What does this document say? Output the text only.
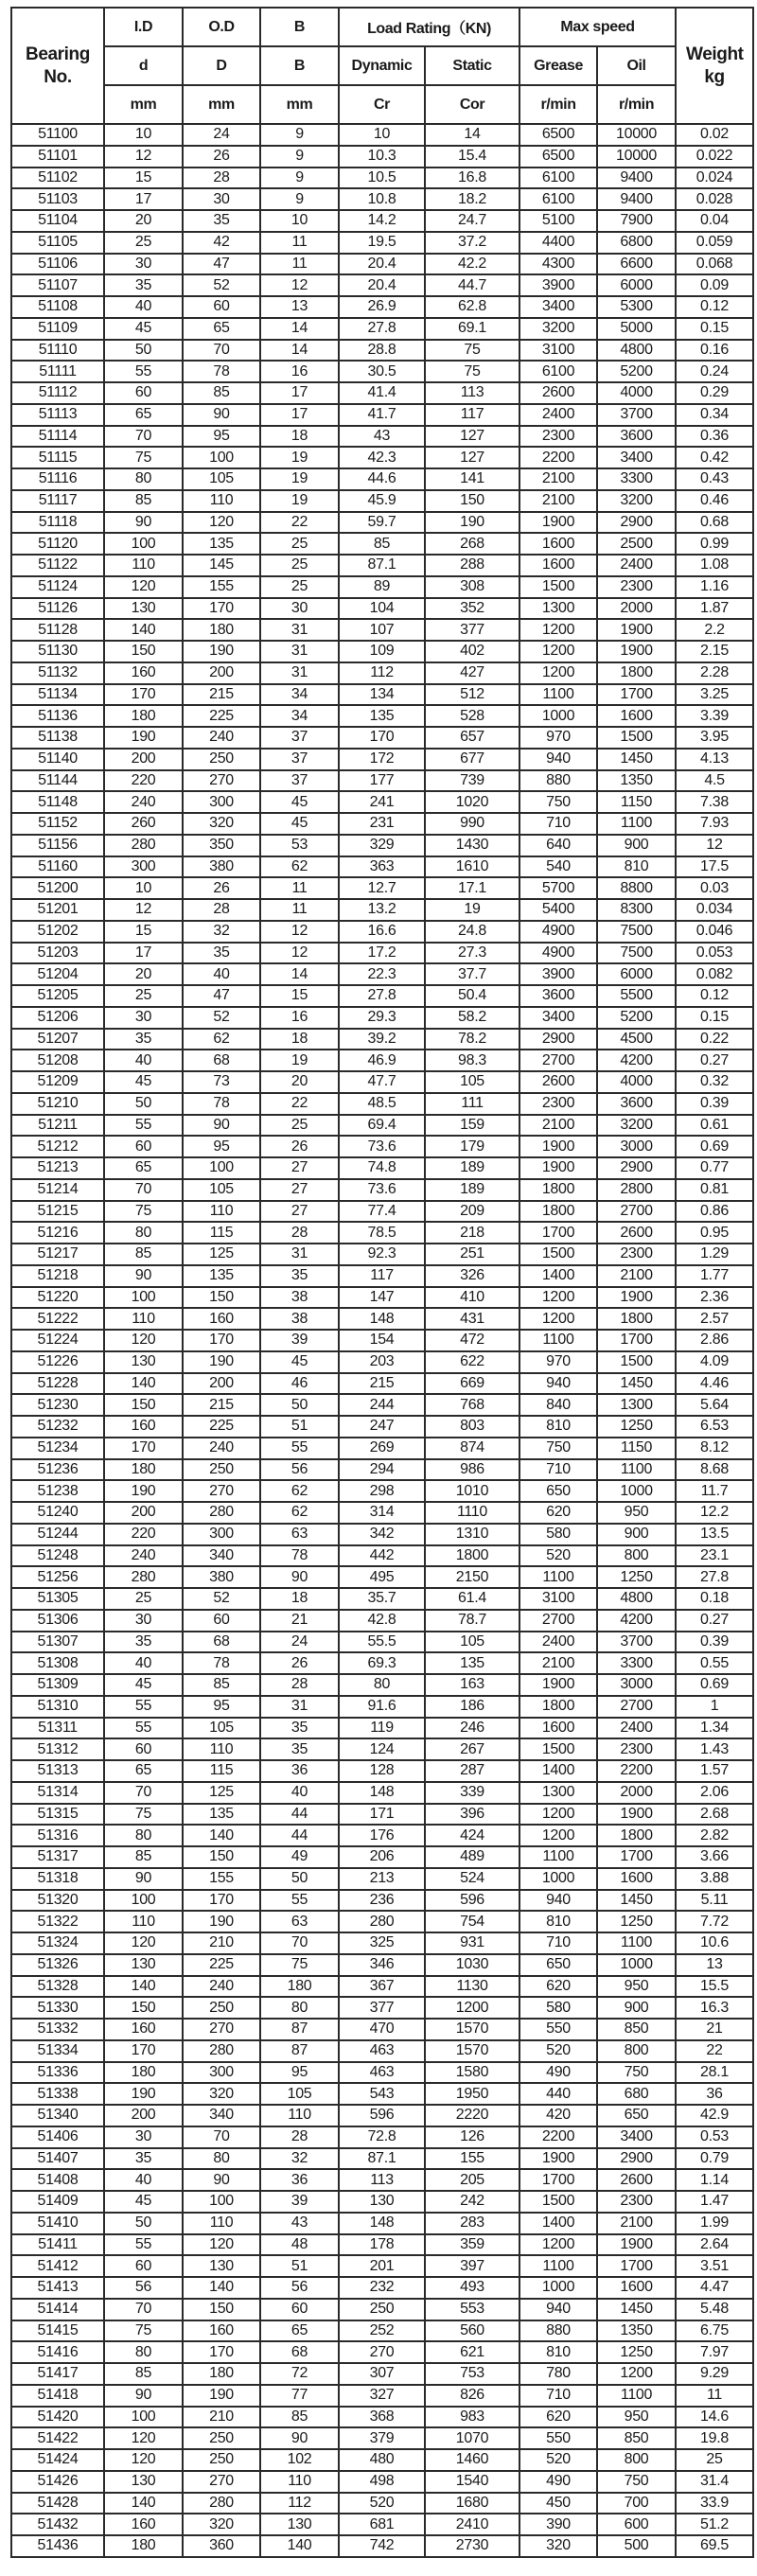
Bearing No.	I.D	O.D	B	Load Rating（KN)		Max speed		Weight kg
	d	D	B	Dynamic	Static	Grease	Oil	
	mm	mm	mm	Cr	Cor	r/min	r/min	
51100	10	24	9	10	14	6500	10000	0.02
51101	12	26	9	10.3	15.4	6500	10000	0.022
51102	15	28	9	10.5	16.8	6100	9400	0.024
51103	17	30	9	10.8	18.2	6100	9400	0.028
51104	20	35	10	14.2	24.7	5100	7900	0.04
51105	25	42	11	19.5	37.2	4400	6800	0.059
51106	30	47	11	20.4	42.2	4300	6600	0.068
51107	35	52	12	20.4	44.7	3900	6000	0.09
51108	40	60	13	26.9	62.8	3400	5300	0.12
51109	45	65	14	27.8	69.1	3200	5000	0.15
51110	50	70	14	28.8	75	3100	4800	0.16
51111	55	78	16	30.5	75	6100	5200	0.24
51112	60	85	17	41.4	113	2600	4000	0.29
51113	65	90	17	41.7	117	2400	3700	0.34
51114	70	95	18	43	127	2300	3600	0.36
51115	75	100	19	42.3	127	2200	3400	0.42
51116	80	105	19	44.6	141	2100	3300	0.43
51117	85	110	19	45.9	150	2100	3200	0.46
51118	90	120	22	59.7	190	1900	2900	0.68
51120	100	135	25	85	268	1600	2500	0.99
51122	110	145	25	87.1	288	1600	2400	1.08
51124	120	155	25	89	308	1500	2300	1.16
51126	130	170	30	104	352	1300	2000	1.87
51128	140	180	31	107	377	1200	1900	2.2
51130	150	190	31	109	402	1200	1900	2.15
51132	160	200	31	112	427	1200	1800	2.28
51134	170	215	34	134	512	1100	1700	3.25
51136	180	225	34	135	528	1000	1600	3.39
51138	190	240	37	170	657	970	1500	3.95
51140	200	250	37	172	677	940	1450	4.13
51144	220	270	37	177	739	880	1350	4.5
51148	240	300	45	241	1020	750	1150	7.38
51152	260	320	45	231	990	710	1100	7.93
51156	280	350	53	329	1430	640	900	12
51160	300	380	62	363	1610	540	810	17.5
51200	10	26	11	12.7	17.1	5700	8800	0.03
51201	12	28	11	13.2	19	5400	8300	0.034
51202	15	32	12	16.6	24.8	4900	7500	0.046
51203	17	35	12	17.2	27.3	4900	7500	0.053
51204	20	40	14	22.3	37.7	3900	6000	0.082
51205	25	47	15	27.8	50.4	3600	5500	0.12
51206	30	52	16	29.3	58.2	3400	5200	0.15
51207	35	62	18	39.2	78.2	2900	4500	0.22
51208	40	68	19	46.9	98.3	2700	4200	0.27
51209	45	73	20	47.7	105	2600	4000	0.32
51210	50	78	22	48.5	111	2300	3600	0.39
51211	55	90	25	69.4	159	2100	3200	0.61
51212	60	95	26	73.6	179	1900	3000	0.69
51213	65	100	27	74.8	189	1900	2900	0.77
51214	70	105	27	73.6	189	1800	2800	0.81
51215	75	110	27	77.4	209	1800	2700	0.86
51216	80	115	28	78.5	218	1700	2600	0.95
51217	85	125	31	92.3	251	1500	2300	1.29
51218	90	135	35	117	326	1400	2100	1.77
51220	100	150	38	147	410	1200	1900	2.36
51222	110	160	38	148	431	1200	1800	2.57
51224	120	170	39	154	472	1100	1700	2.86
51226	130	190	45	203	622	970	1500	4.09
51228	140	200	46	215	669	940	1450	4.46
51230	150	215	50	244	768	840	1300	5.64
51232	160	225	51	247	803	810	1250	6.53
51234	170	240	55	269	874	750	1150	8.12
51236	180	250	56	294	986	710	1100	8.68
51238	190	270	62	298	1010	650	1000	11.7
51240	200	280	62	314	1110	620	950	12.2
51244	220	300	63	342	1310	580	900	13.5
51248	240	340	78	442	1800	520	800	23.1
51256	280	380	90	495	2150	1100	1250	27.8
51305	25	52	18	35.7	61.4	3100	4800	0.18
51306	30	60	21	42.8	78.7	2700	4200	0.27
51307	35	68	24	55.5	105	2400	3700	0.39
51308	40	78	26	69.3	135	2100	3300	0.55
51309	45	85	28	80	163	1900	3000	0.69
51310	55	95	31	91.6	186	1800	2700	1
51311	55	105	35	119	246	1600	2400	1.34
51312	60	110	35	124	267	1500	2300	1.43
51313	65	115	36	128	287	1400	2200	1.57
51314	70	125	40	148	339	1300	2000	2.06
51315	75	135	44	171	396	1200	1900	2.68
51316	80	140	44	176	424	1200	1800	2.82
51317	85	150	49	206	489	1100	1700	3.66
51318	90	155	50	213	524	1000	1600	3.88
51320	100	170	55	236	596	940	1450	5.11
51322	110	190	63	280	754	810	1250	7.72
51324	120	210	70	325	931	710	1100	10.6
51326	130	225	75	346	1030	650	1000	13
51328	140	240	180	367	1130	620	950	15.5
51330	150	250	80	377	1200	580	900	16.3
51332	160	270	87	470	1570	550	850	21
51334	170	280	87	463	1570	520	800	22
51336	180	300	95	463	1580	490	750	28.1
51338	190	320	105	543	1950	440	680	36
51340	200	340	110	596	2220	420	650	42.9
51406	30	70	28	72.8	126	2200	3400	0.53
51407	35	80	32	87.1	155	1900	2900	0.79
51408	40	90	36	113	205	1700	2600	1.14
51409	45	100	39	130	242	1500	2300	1.47
51410	50	110	43	148	283	1400	2100	1.99
51411	55	120	48	178	359	1200	1900	2.64
51412	60	130	51	201	397	1100	1700	3.51
51413	56	140	56	232	493	1000	1600	4.47
51414	70	150	60	250	553	940	1450	5.48
51415	75	160	65	252	560	880	1350	6.75
51416	80	170	68	270	621	810	1250	7.97
51417	85	180	72	307	753	780	1200	9.29
51418	90	190	77	327	826	710	1100	11
51420	100	210	85	368	983	620	950	14.6
51422	120	250	90	379	1070	550	850	19.8
51424	120	250	102	480	1460	520	800	25
51426	130	270	110	498	1540	490	750	31.4
51428	140	280	112	520	1680	450	700	33.9
51432	160	320	130	681	2410	390	600	51.2
51436	180	360	140	742	2730	320	500	69.5
